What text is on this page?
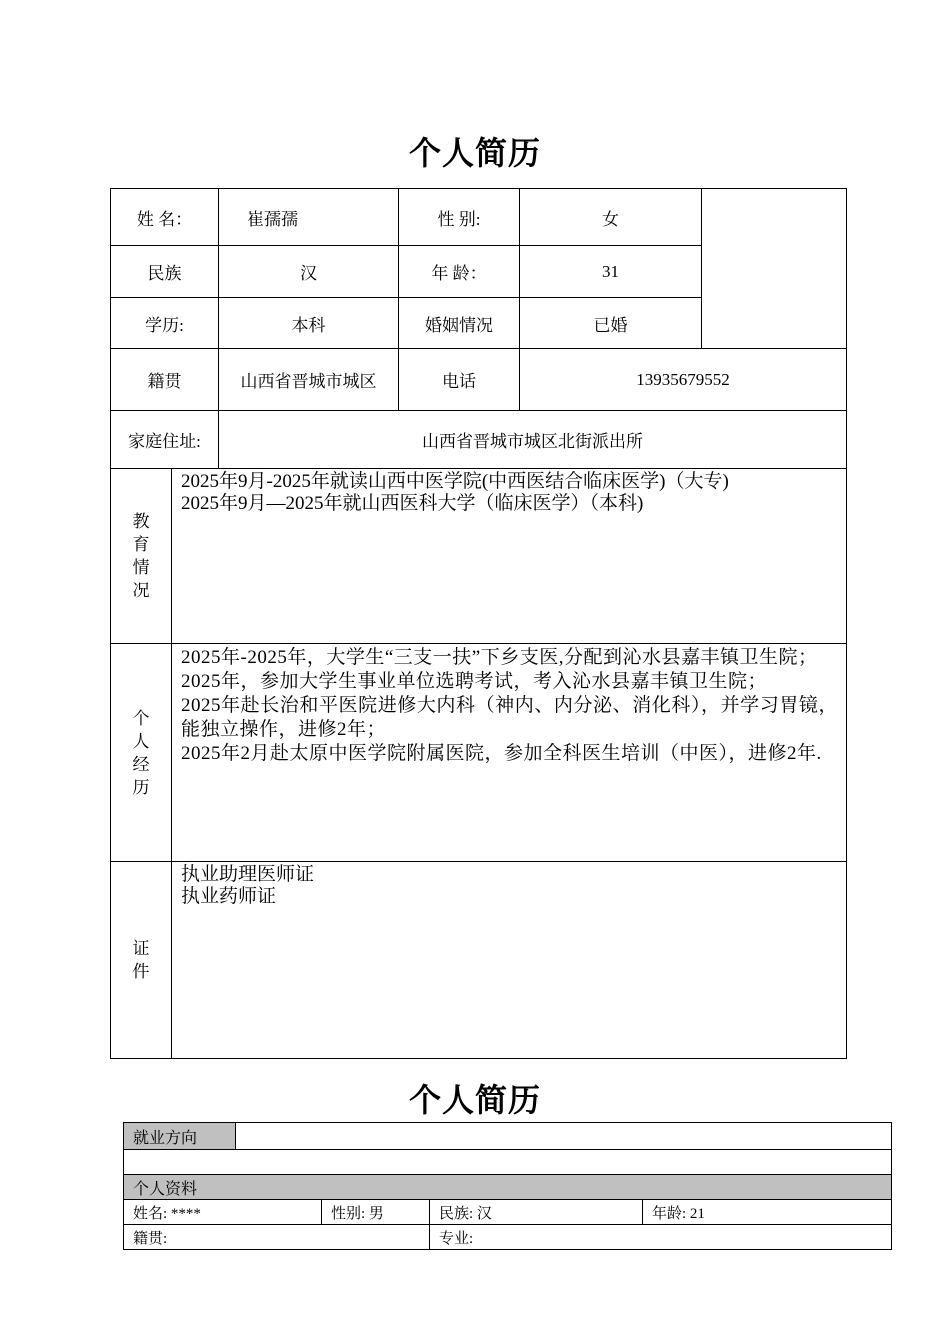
个人简历
姓 名：		崔孺孺	性 别:	女	
民族		汉	年 龄：	31	
学历:		本科	婚姻情况	已婚	
籍贯		山西省晋城市城区	电话	13935679552	
家庭住址:		山西省晋城市城区北街派出所			
教育情况	2025年9月-2025年就读山西中医学院(中西医结合临床医学)（大专)
2025年9月—2025年就山西医科大学（临床医学）（本科)				

个人经历	2025年-2025年，大学生“三支一扶”下乡支医,分配到沁水县嘉丰镇卫生院；
2025年，参加大学生事业单位选聘考试，考入沁水县嘉丰镇卫生院；
2025年赴长治和平医院进修大内科（神内、内分泌、消化科），并学习胃镜，能独立操作，进修2年；
2025年2月赴太原中医学院附属医院，参加全科医生培训（中医），进修2年.				

证件	执业助理医师证
执业药师证				
个人简历
就业方向				

个人资料				
姓名: ****		性别: 男	民族: 汉	年龄: 21
籍贯:			专业:	
